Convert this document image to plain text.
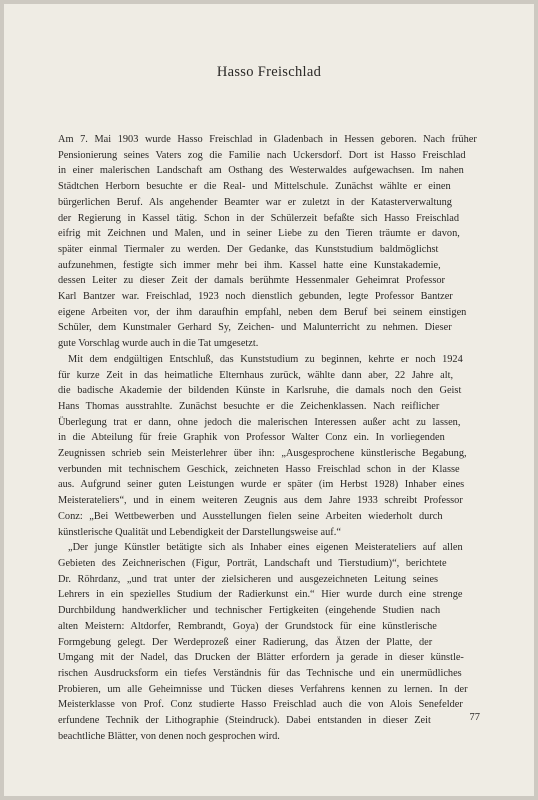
Hasso Freischlad

Am 7. Mai 1903 wurde Hasso Freischlad in Gladenbach in Hessen geboren. Nach früher
Pensionierung seines Vaters zog die Familie nach Uckersdorf. Dort ist Hasso Freischlad
in einer malerischen Landschaft am Osthang des Westerwaldes aufgewachsen. Im nahen
Städtchen Herborn besuchte er die Real- und Mittelschule. Zunächst wählte er einen
bürgerlichen Beruf. Als angehender Beamter war er zuletzt in der Katasterverwaltung
der Regierung in Kassel tätig. Schon in der Schülerzeit befaßte sich Hasso Freischlad
eifrig mit Zeichnen und Malen, und in seiner Liebe zu den Tieren träumte er davon,
später einmal Tiermaler zu werden. Der Gedanke, das Kunststudium baldmöglichst
aufzunehmen, festigte sich immer mehr bei ihm. Kassel hatte eine Kunstakademie,
dessen Leiter zu dieser Zeit der damals berühmte Hessenmaler Geheimrat Professor
Karl Bantzer war. Freischlad, 1923 noch dienstlich gebunden, legte Professor Bantzer
eigene Arbeiten vor, der ihm daraufhin empfahl, neben dem Beruf bei seinem einstigen
Schüler, dem Kunstmaler Gerhard Sy, Zeichen- und Malunterricht zu nehmen. Dieser
gute Vorschlag wurde auch in die Tat umgesetzt.

Mit dem endgültigen Entschluß, das Kunststudium zu beginnen, kehrte er noch 1924
für kurze Zeit in das heimatliche Elternhaus zurück, wählte dann aber, 22 Jahre alt,
die badische Akademie der bildenden Künste in Karlsruhe, die damals noch den Geist
Hans Thomas ausstrahlte. Zunächst besuchte er die Zeichenklassen. Nach reiflicher
Überlegung trat er dann, ohne jedoch die malerischen Interessen außer acht zu lassen,
in die Abteilung für freie Graphik von Professor Walter Conz ein. In vorliegenden
Zeugnissen schrieb sein Meisterlehrer über ihn: „Ausgesprochene künstlerische Begabung,
verbunden mit technischem Geschick, zeichneten Hasso Freischlad schon in der Klasse
aus. Aufgrund seiner guten Leistungen wurde er später (im Herbst 1928) Inhaber eines
Meisterateliers“, und in einem weiteren Zeugnis aus dem Jahre 1933 schreibt Professor
Conz: „Bei Wettbewerben und Ausstellungen fielen seine Arbeiten wiederholt durch
künstlerische Qualität und Lebendigkeit der Darstellungsweise auf.“

„Der junge Künstler betätigte sich als Inhaber eines eigenen Meisterateliers auf allen
Gebieten des Zeichnerischen (Figur, Porträt, Landschaft und Tierstudium)“, berichtete
Dr. Röhrdanz, „und trat unter der zielsicheren und ausgezeichneten Leitung seines
Lehrers in ein spezielles Studium der Radierkunst ein.“ Hier wurde durch eine strenge
Durchbildung handwerklicher und technischer Fertigkeiten (eingehende Studien nach
alten Meistern: Altdorfer, Rembrandt, Goya) der Grundstock für eine künstlerische
Formgebung gelegt. Der Werdeprozeß einer Radierung, das Ätzen der Platte, der
Umgang mit der Nadel, das Drucken der Blätter erfordern ja gerade in dieser künstle-
rischen Ausdrucksform ein tiefes Verständnis für das Technische und ein unermüdliches
Probieren, um alle Geheimnisse und Tücken dieses Verfahrens kennen zu lernen. In der
Meisterklasse von Prof. Conz studierte Hasso Freischlad auch die von Alois Senefelder
erfundene Technik der Lithographie (Steindruck). Dabei entstanden in dieser Zeit
beachtliche Blätter, von denen noch gesprochen wird.

77
